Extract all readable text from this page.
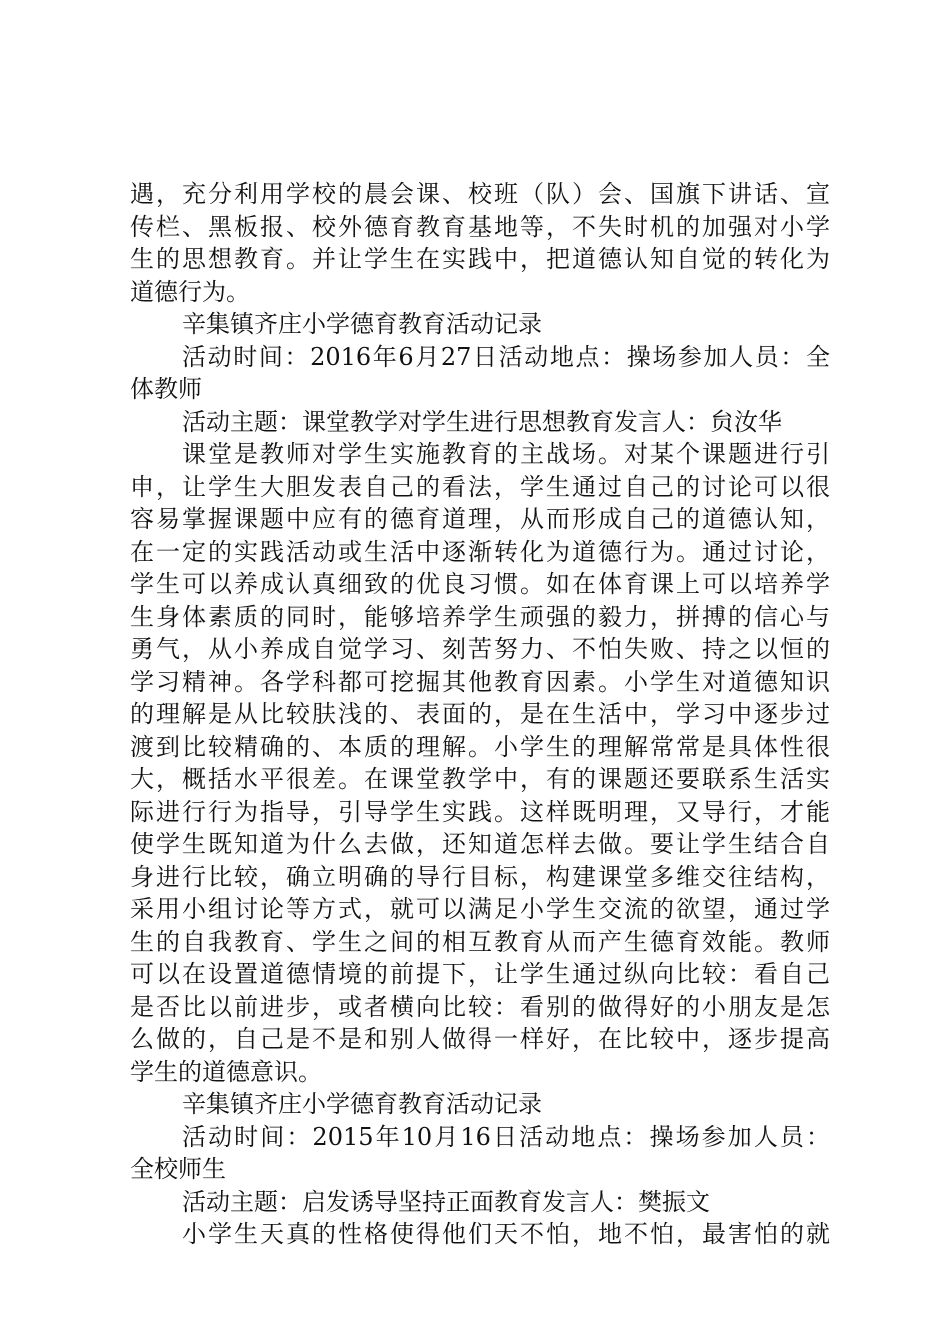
遇，充分利用学校的晨会课、校班（队）会、国旗下讲话、宣
传栏、黑板报、校外德育教育基地等，不失时机的加强对小学
生的思想教育。并让学生在实践中，把道德认知自觉的转化为
道德行为。
辛集镇齐庄小学德育教育活动记录
活动时间：2016年6月27日活动地点：操场参加人员：全
体教师
活动主题：课堂教学对学生进行思想教育发言人：贠汝华
课堂是教师对学生实施教育的主战场。对某个课题进行引
申，让学生大胆发表自己的看法，学生通过自己的讨论可以很
容易掌握课题中应有的德育道理，从而形成自己的道德认知，
在一定的实践活动或生活中逐渐转化为道德行为。通过讨论，
学生可以养成认真细致的优良习惯。如在体育课上可以培养学
生身体素质的同时，能够培养学生顽强的毅力，拼搏的信心与
勇气，从小养成自觉学习、刻苦努力、不怕失败、持之以恒的
学习精神。各学科都可挖掘其他教育因素。小学生对道德知识
的理解是从比较肤浅的、表面的，是在生活中，学习中逐步过
渡到比较精确的、本质的理解。小学生的理解常常是具体性很
大，概括水平很差。在课堂教学中，有的课题还要联系生活实
际进行行为指导，引导学生实践。这样既明理，又导行，才能
使学生既知道为什么去做，还知道怎样去做。要让学生结合自
身进行比较，确立明确的导行目标，构建课堂多维交往结构，
采用小组讨论等方式，就可以满足小学生交流的欲望，通过学
生的自我教育、学生之间的相互教育从而产生德育效能。教师
可以在设置道德情境的前提下，让学生通过纵向比较：看自己
是否比以前进步，或者横向比较：看别的做得好的小朋友是怎
么做的，自己是不是和别人做得一样好，在比较中，逐步提高
学生的道德意识。
辛集镇齐庄小学德育教育活动记录
活动时间：2015年10月16日活动地点：操场参加人员：
全校师生
活动主题：启发诱导坚持正面教育发言人：樊振文
小学生天真的性格使得他们天不怕，地不怕，最害怕的就
